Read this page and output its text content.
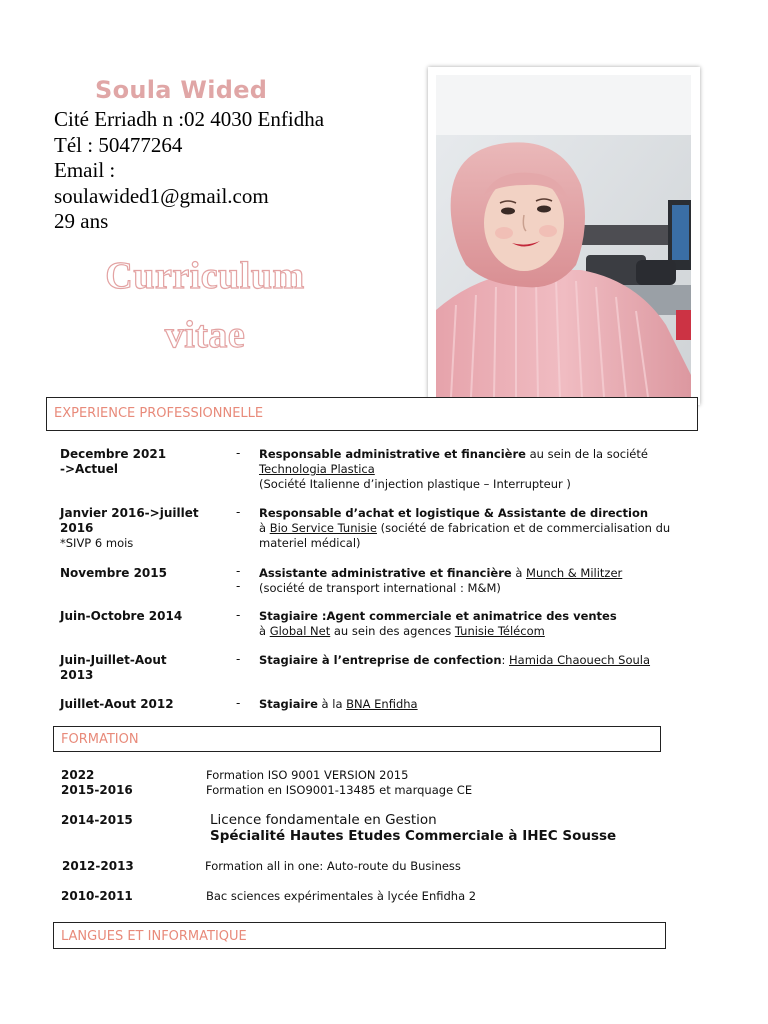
Soula Wided
Cité Erriadh n :02 4030 Enfidha
Tél : 50477264
Email :
soulawided1@gmail.com
29 ans
Curriculum
vitae
EXPERIENCE PROFESSIONNELLE
Decembre 2021
->Actuel
- Responsable administrative et financière au sein de la société
Technologia Plastica
(Société Italienne d’injection plastique – Interrupteur )
Janvier 2016->juillet
2016
*SIVP 6 mois
- Responsable d’achat et logistique & Assistante de direction
à Bio Service Tunisie (société de fabrication et de commercialisation du
materiel médical)
Novembre 2015	-
-
Assistante administrative et financière à Munch & Militzer
(société de transport international : M&M)
Juin-Octobre 2014	- Stagiaire :Agent commerciale et animatrice des ventes
à Global Net au sein des agences Tunisie Télécom
Juin-Juillet-Aout
2013
- Stagiaire à l’entreprise de confection: Hamida Chaouech Soula
Juillet-Aout 2012	- Stagiaire à la BNA Enfidha
FORMATION
2022	Formation ISO 9001 VERSION 2015
2015-2016	Formation en ISO9001-13485 et marquage CE
2014-2015	Licence fondamentale en Gestion
Spécialité Hautes Etudes Commerciale à IHEC Sousse
2012-2013	Formation all in one: Auto-route du Business
2010-2011	Bac sciences expérimentales à lycée Enfidha 2
LANGUES ET INFORMATIQUE
